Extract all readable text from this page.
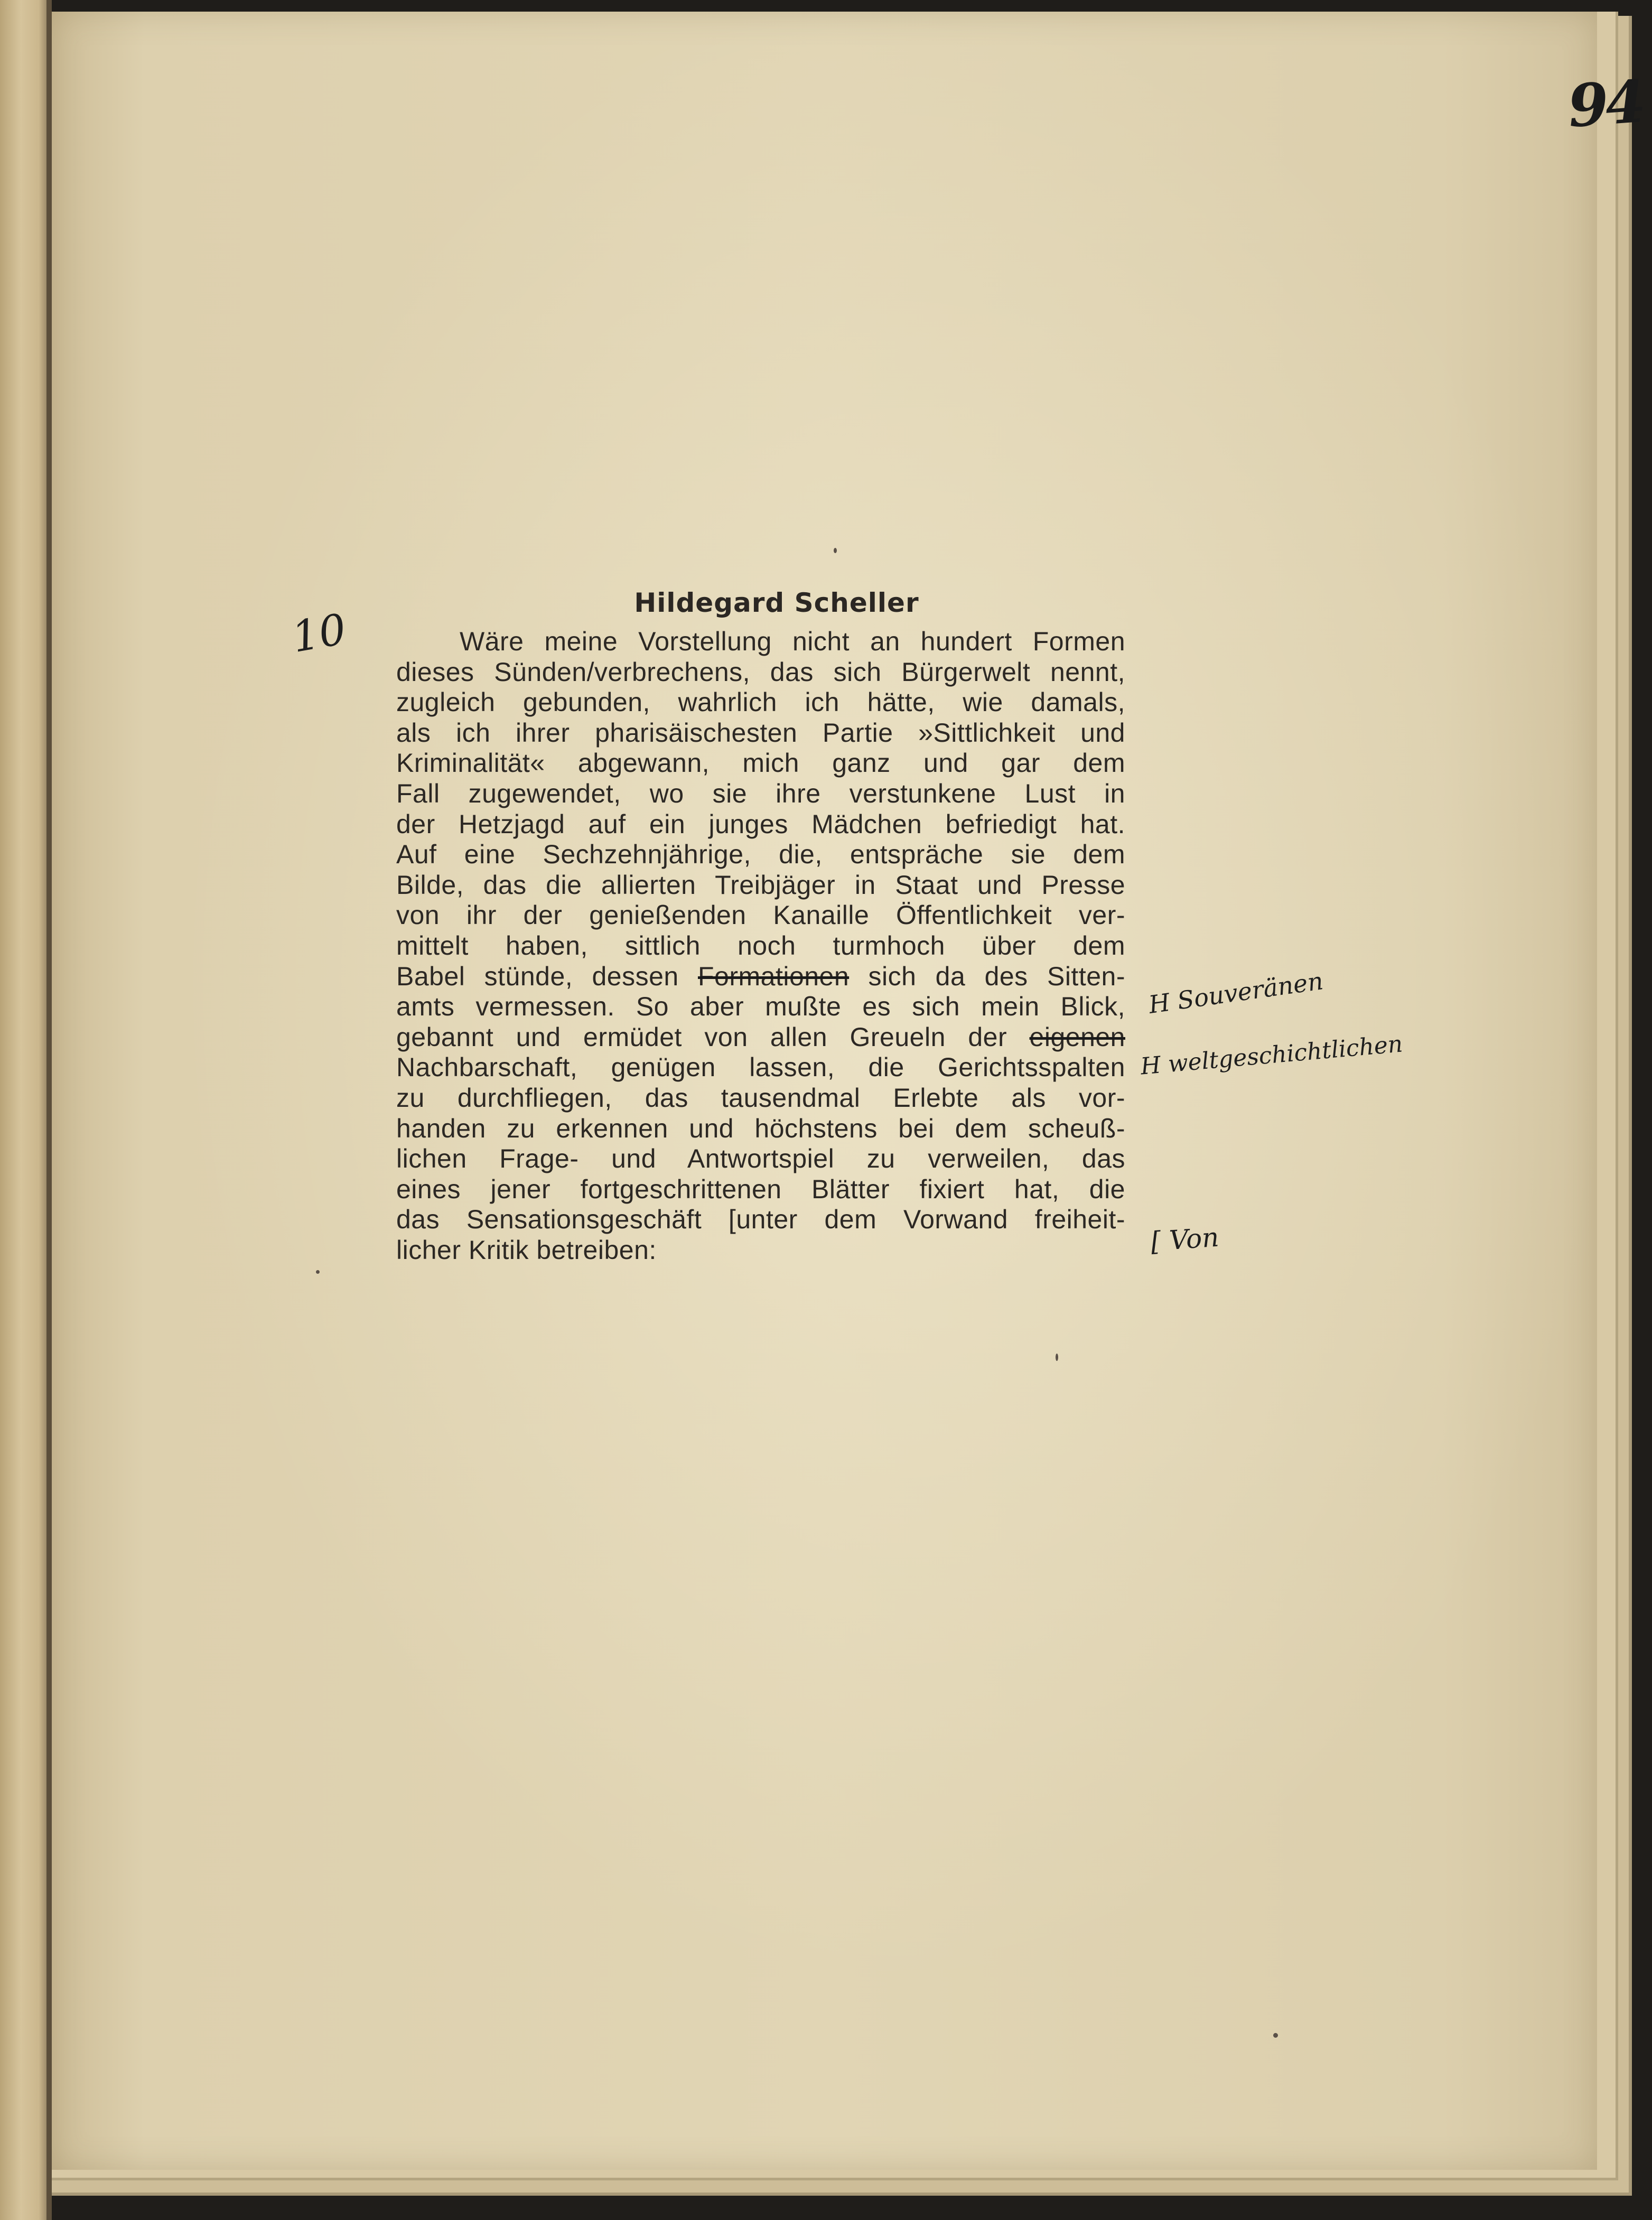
94
10
Hildegard Scheller
Wäre meine Vorstellung nicht an hundert Formen
dieses Sünden/verbrechens, das sich Bürgerwelt nennt,
zugleich gebunden, wahrlich ich hätte, wie damals,
als ich ihrer pharisäischesten Partie »Sittlichkeit und
Kriminalität« abgewann, mich ganz und gar dem
Fall zugewendet, wo sie ihre verstunkene Lust in
der Hetzjagd auf ein junges Mädchen befriedigt hat.
Auf eine Sechzehnjährige, die, entspräche sie dem
Bilde, das die allierten Treibjäger in Staat und Presse
von ihr der genießenden Kanaille Öffentlichkeit ver-
mittelt haben, sittlich noch turmhoch über dem
Babel stünde, dessen Formationen sich da des Sitten-
amts vermessen. So aber mußte es sich mein Blick,
gebannt und ermüdet von allen Greueln der eigenen
Nachbarschaft, genügen lassen, die Gerichtsspalten
zu durchfliegen, das tausendmal Erlebte als vor-
handen zu erkennen und höchstens bei dem scheuß-
lichen Frage- und Antwortspiel zu verweilen, das
eines jener fortgeschrittenen Blätter fixiert hat, die
das Sensationsgeschäft [unter dem Vorwand freiheit-
licher Kritik betreiben:
H Souveränen
H weltgeschichtlichen
[ Von
